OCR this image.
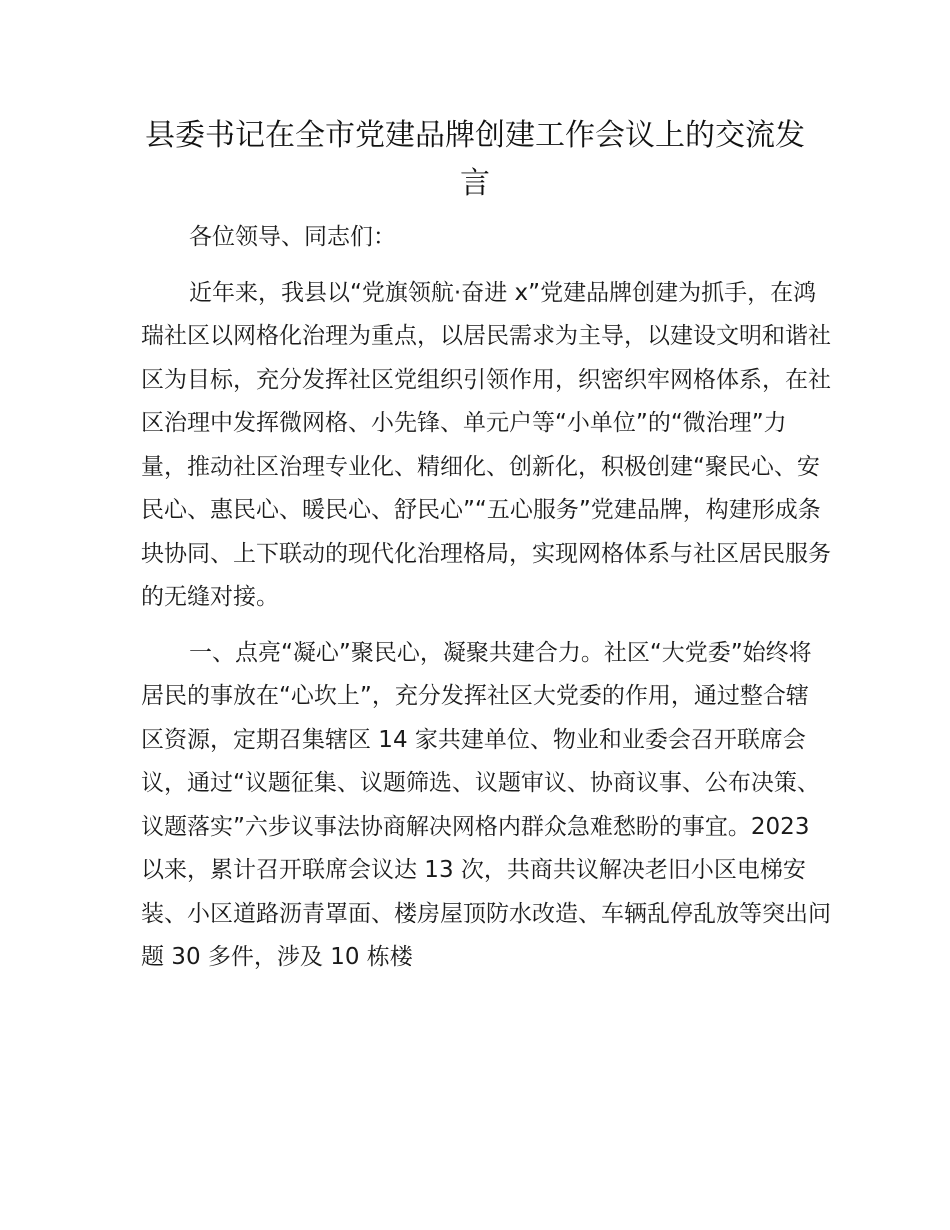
县委书记在全市党建品牌创建工作会议上的交流发言

各位领导、同志们：

近年来，我县以“党旗领航·奋进 x”党建品牌创建为抓手，在鸿瑞社区以网格化治理为重点，以居民需求为主导，以建设文明和谐社区为目标，充分发挥社区党组织引领作用，织密织牢网格体系，在社区治理中发挥微网格、小先锋、单元户等“小单位”的“微治理”力量，推动社区治理专业化、精细化、创新化，积极创建“聚民心、安民心、惠民心、暖民心、舒民心”“五心服务”党建品牌，构建形成条块协同、上下联动的现代化治理格局，实现网格体系与社区居民服务的无缝对接。

一、点亮“凝心”聚民心，凝聚共建合力。社区“大党委”始终将居民的事放在“心坎上”，充分发挥社区大党委的作用，通过整合辖区资源，定期召集辖区 14 家共建单位、物业和业委会召开联席会议，通过“议题征集、议题筛选、议题审议、协商议事、公布决策、议题落实”六步议事法协商解决网格内群众急难愁盼的事宜。2023 以来，累计召开联席会议达 13 次，共商共议解决老旧小区电梯安装、小区道路沥青罩面、楼房屋顶防水改造、车辆乱停乱放等突出问题 30 多件，涉及 10 栋楼
